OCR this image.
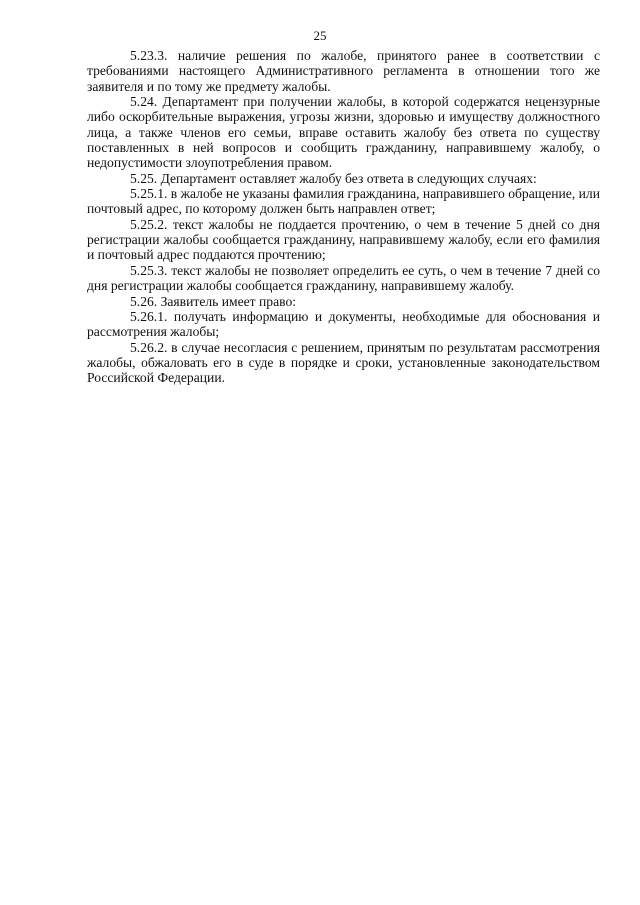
25

5.23.3. наличие решения по жалобе, принятого ранее в соответствии с требованиями настоящего Административного регламента в отношении того же заявителя и по тому же предмету жалобы.

5.24. Департамент при получении жалобы, в которой содержатся нецензурные либо оскорбительные выражения, угрозы жизни, здоровью и имуществу должностного лица, а также членов его семьи, вправе оставить жалобу без ответа по существу поставленных в ней вопросов и сообщить гражданину, направившему жалобу, о недопустимости злоупотребления правом.

5.25. Департамент оставляет жалобу без ответа в следующих случаях:

5.25.1. в жалобе не указаны фамилия гражданина, направившего обращение, или почтовый адрес, по которому должен быть направлен ответ;

5.25.2. текст жалобы не поддается прочтению, о чем в течение 5 дней со дня регистрации жалобы сообщается гражданину, направившему жалобу, если его фамилия и почтовый адрес поддаются прочтению;

5.25.3. текст жалобы не позволяет определить ее суть, о чем в течение 7 дней со дня регистрации жалобы сообщается гражданину, направившему жалобу.

5.26. Заявитель имеет право:

5.26.1. получать информацию и документы, необходимые для обоснования и рассмотрения жалобы;

5.26.2. в случае несогласия с решением, принятым по результатам рассмотрения жалобы, обжаловать его в суде в порядке и сроки, установленные законодательством Российской Федерации.
